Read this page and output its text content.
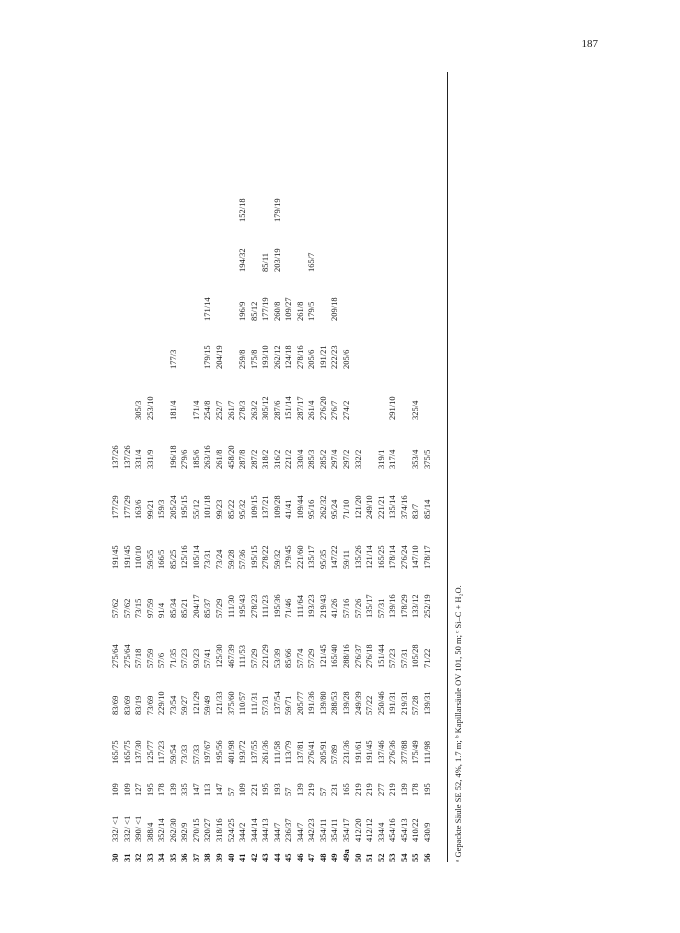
187
30
332/ <1
109
165/75
83/69
275/64
57/62
191/45
177/29
137/26
31
332/ <1
109
165/75
83/69
275/64
57/62
191/45
177/29
137/26
32
390/ <1
127
137/30
83/19
57/18
73/15
110/10
163/6
331/4
305/3
33
388/4
195
125/77
73/69
57/59
97/59
59/55
99/21
331/9
253/10
34
352/14
178
117/23
229/10
57/6
91/4
166/5
159/3
35
262/30
139
59/54
73/54
71/35
85/34
85/25
205/24
196/18
181/4
177/3
36
392/9
335
73/33
59/27
57/23
85/21
125/16
195/15
279/6
37
270/15
147
57/33
121/29
93/23
204/17
105/14
55/12
185/6
171/4
38
320/27
113
197/67
59/49
57/41
85/37
73/31
101/18
263/16
254/8
179/15
171/14
39
318/16
147
195/56
121/33
125/30
57/29
73/24
99/23
261/8
252/7
204/19
40
524/25
57
401/98
375/60
467/39
111/30
59/28
85/22
458/20
261/7
41
344/2
109
193/72
110/57
111/53
195/43
57/36
95/32
287/8
278/3
259/8
196/9
194/32
152/18
42
344/14
221
137/55
111/31
57/29
278/23
195/15
109/15
287/2
263/2
175/8
85/12
43
344/13
195
261/36
57/31
221/29
111/23
278/22
137/21
318/2
305/12
193/10
177/19
85/11
44
344/7
193
111/58
137/54
53/39
195/36
59/32
109/28
316/2
287/6
262/12
260/8
203/19
179/19
45
236/37
57
113/79
59/71
85/66
71/46
179/45
41/41
221/2
151/14
124/18
109/27
46
344/7
139
137/81
205/77
57/74
111/64
221/60
109/44
330/4
287/17
278/16
261/8
47
342/23
219
276/41
191/36
57/29
193/23
135/17
95/16
285/3
261/4
205/6
179/5
165/7
48
354/11
57
205/91
139/80
121/45
219/43
95/35
262/32
285/2
276/20
191/21
49
354/11
231
57/89
288/53
165/40
41/26
147/22
95/24
297/4
276/7
222/23
209/18
49a
354/17
165
231/36
139/28
288/16
57/16
59/11
71/10
297/2
274/2
205/6
50
412/20
219
191/61
249/39
276/37
57/26
135/26
121/20
332/2
51
412/12
219
191/45
57/22
276/18
135/17
121/14
249/10
52
334/4
277
137/46
250/46
151/44
57/31
165/25
221/21
319/1
53
454/16
219
276/36
191/31
57/23
139/16
178/14
135/14
317/4
291/10
54
454/13
139
377/88
219/31
57/31
178/29
276/24
374/16
55
410/22
178
175/49
57/28
105/28
133/12
147/10
83/7
353/4
325/4
56
430/9
195
111/98
139/31
71/22
252/19
178/17
85/14
375/5
ᵃ Gepackte Säule SE 52, 4%, 1.7 m; ᵇ Kapillarsäule OV 101, 50 m; ᶜ Si–C + H₂O.
